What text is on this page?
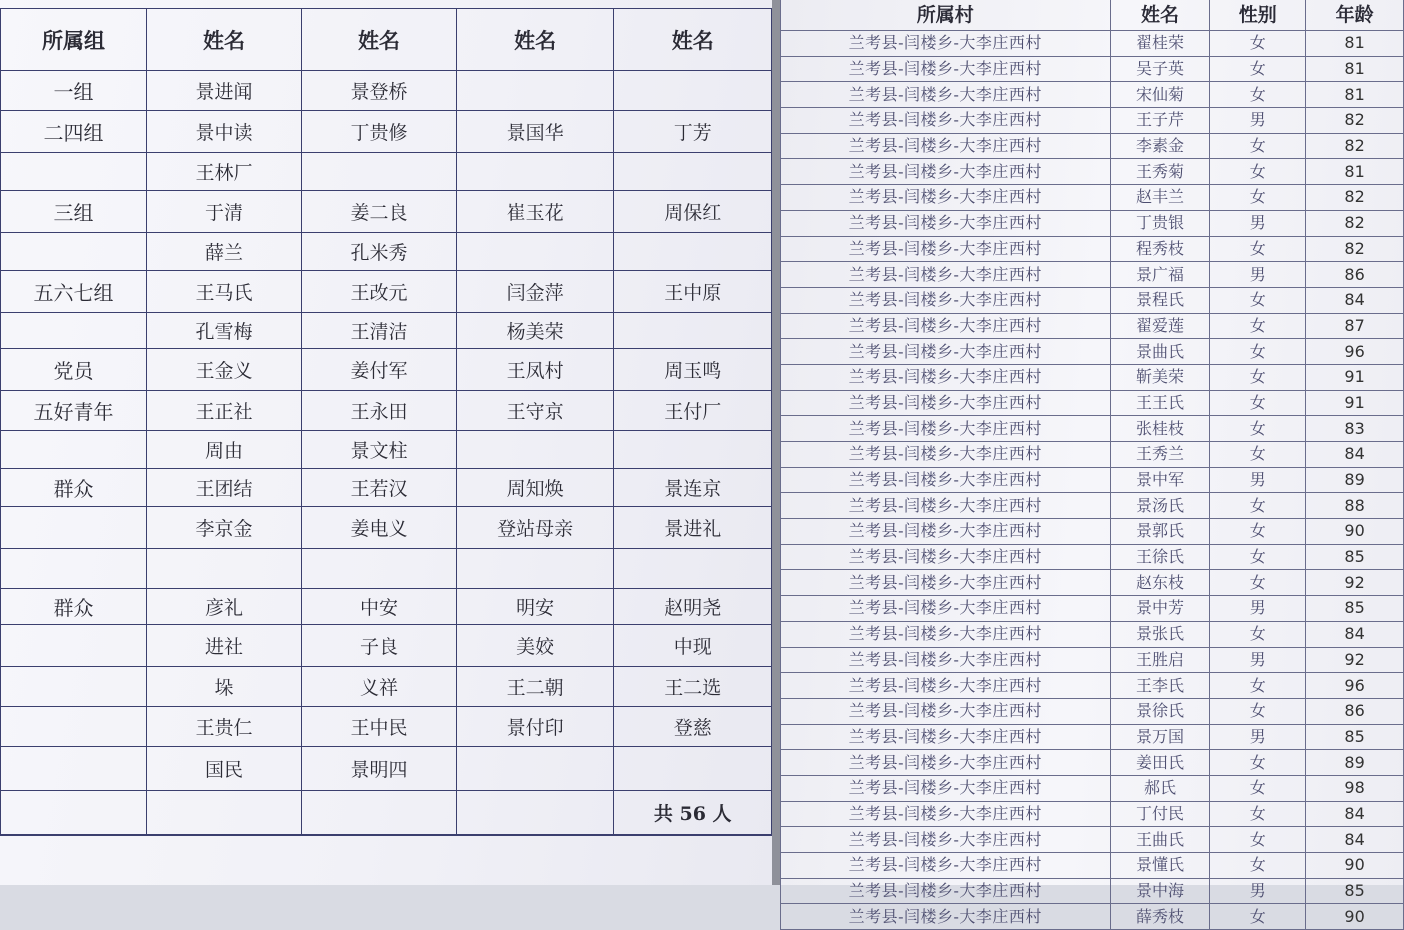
所属组	姓名	姓名	姓名	姓名
一组	景进闻	景登桥		
二四组	景中读	丁贵修	景国华	丁芳
	王林厂			
三组	于清	姜二良	崔玉花	周保红
	薛兰	孔米秀		
五六七组	王马氏	王改元	闫金萍	王中原
	孔雪梅	王清洁	杨美荣	
党员	王金义	姜付军	王凤村	周玉鸣
五好青年	王正社	王永田	王守京	王付厂
	周由	景文柱		
群众	王团结	王若汉	周知焕	景连京
	李京金	姜电义	登站母亲	景进礼

群众	彦礼	中安	明安	赵明尧
	进社	子良	美姣	中现
	垛	义祥	王二朝	王二选
	王贵仁	王中民	景付印	登慈
	国民	景明四		
				共 56 人

所属村	姓名	性别	年龄
兰考县-闫楼乡-大李庄西村	翟桂荣	女	81
兰考县-闫楼乡-大李庄西村	吴子英	女	81
兰考县-闫楼乡-大李庄西村	宋仙菊	女	81
兰考县-闫楼乡-大李庄西村	王子芹	男	82
兰考县-闫楼乡-大李庄西村	李素金	女	82
兰考县-闫楼乡-大李庄西村	王秀菊	女	81
兰考县-闫楼乡-大李庄西村	赵丰兰	女	82
兰考县-闫楼乡-大李庄西村	丁贵银	男	82
兰考县-闫楼乡-大李庄西村	程秀枝	女	82
兰考县-闫楼乡-大李庄西村	景广福	男	86
兰考县-闫楼乡-大李庄西村	景程氏	女	84
兰考县-闫楼乡-大李庄西村	翟爱莲	女	87
兰考县-闫楼乡-大李庄西村	景曲氏	女	96
兰考县-闫楼乡-大李庄西村	靳美荣	女	91
兰考县-闫楼乡-大李庄西村	王王氏	女	91
兰考县-闫楼乡-大李庄西村	张桂枝	女	83
兰考县-闫楼乡-大李庄西村	王秀兰	女	84
兰考县-闫楼乡-大李庄西村	景中军	男	89
兰考县-闫楼乡-大李庄西村	景汤氏	女	88
兰考县-闫楼乡-大李庄西村	景郭氏	女	90
兰考县-闫楼乡-大李庄西村	王徐氏	女	85
兰考县-闫楼乡-大李庄西村	赵东枝	女	92
兰考县-闫楼乡-大李庄西村	景中芳	男	85
兰考县-闫楼乡-大李庄西村	景张氏	女	84
兰考县-闫楼乡-大李庄西村	王胜启	男	92
兰考县-闫楼乡-大李庄西村	王李氏	女	96
兰考县-闫楼乡-大李庄西村	景徐氏	女	86
兰考县-闫楼乡-大李庄西村	景万国	男	85
兰考县-闫楼乡-大李庄西村	姜田氏	女	89
兰考县-闫楼乡-大李庄西村	郝氏	女	98
兰考县-闫楼乡-大李庄西村	丁付民	女	84
兰考县-闫楼乡-大李庄西村	王曲氏	女	84
兰考县-闫楼乡-大李庄西村	景懂氏	女	90
兰考县-闫楼乡-大李庄西村	景中海	男	85
兰考县-闫楼乡-大李庄西村	薛秀枝	女	90
